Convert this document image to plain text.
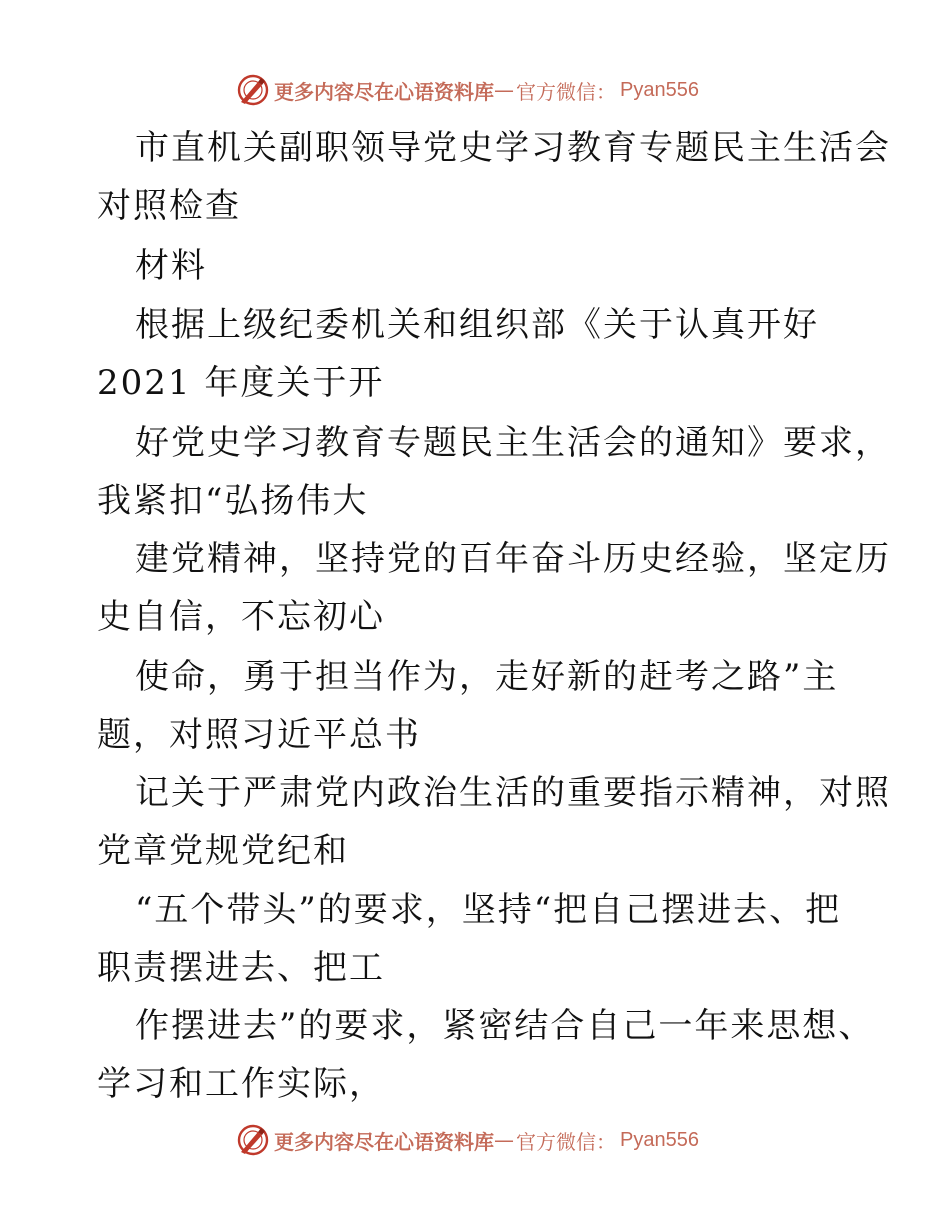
更多内容尽在心语资料库 — 官方微信： Pyan556
市直机关副职领导党史学习教育专题民主生活会
对照检查
材料
根据上级纪委机关和组织部《关于认真开好
2021 年度关于开
好党史学习教育专题民主生活会的通知》要求，
我紧扣“弘扬伟大
建党精神，坚持党的百年奋斗历史经验，坚定历
史自信，不忘初心
使命，勇于担当作为，走好新的赶考之路”主
题，对照习近平总书
记关于严肃党内政治生活的重要指示精神，对照
党章党规党纪和
“五个带头”的要求，坚持“把自己摆进去、把
职责摆进去、把工
作摆进去”的要求，紧密结合自己一年来思想、
学习和工作实际，
更多内容尽在心语资料库 — 官方微信： Pyan556
